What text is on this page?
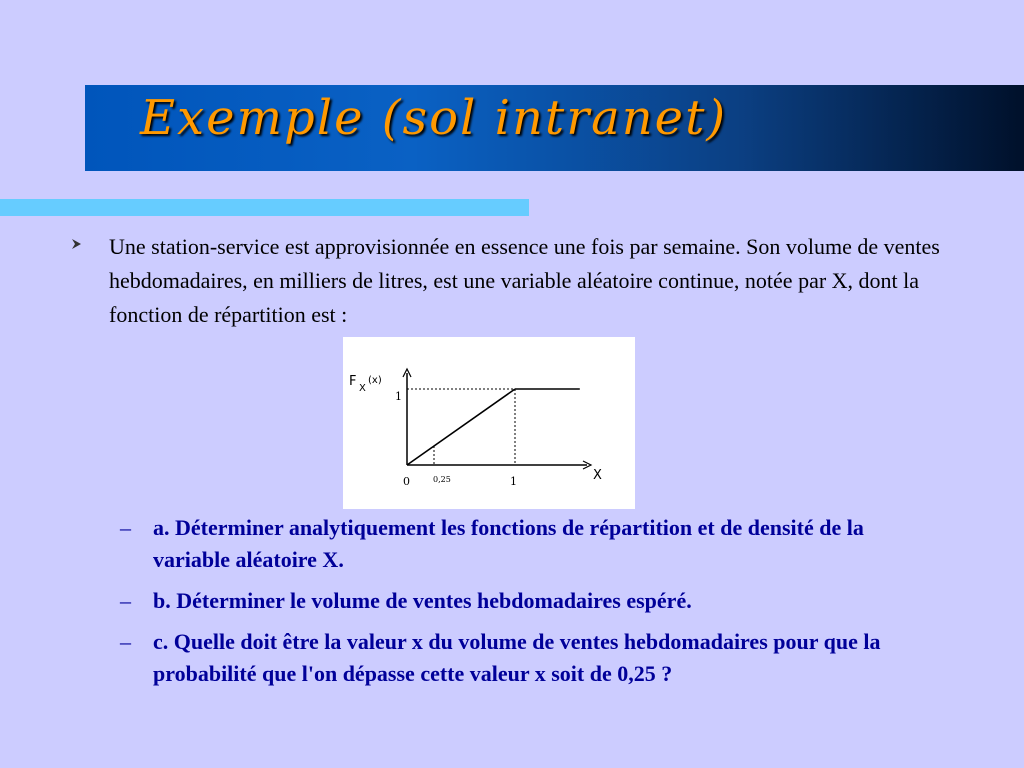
Exemple (sol intranet)
Une station-service est approvisionnée en essence une fois par semaine. Son volume de ventes hebdomadaires, en milliers de litres, est une variable aléatoire continue, notée par X, dont la fonction de répartition est :
F X
(x)
X
1
0	0,25	1
– a. Déterminer analytiquement les fonctions de répartition et de densité de la variable aléatoire X.
– b. Déterminer le volume de ventes hebdomadaires espéré.
– c. Quelle doit être la valeur x du volume de ventes hebdomadaires pour que la probabilité que l'on dépasse cette valeur x soit de 0,25 ?
